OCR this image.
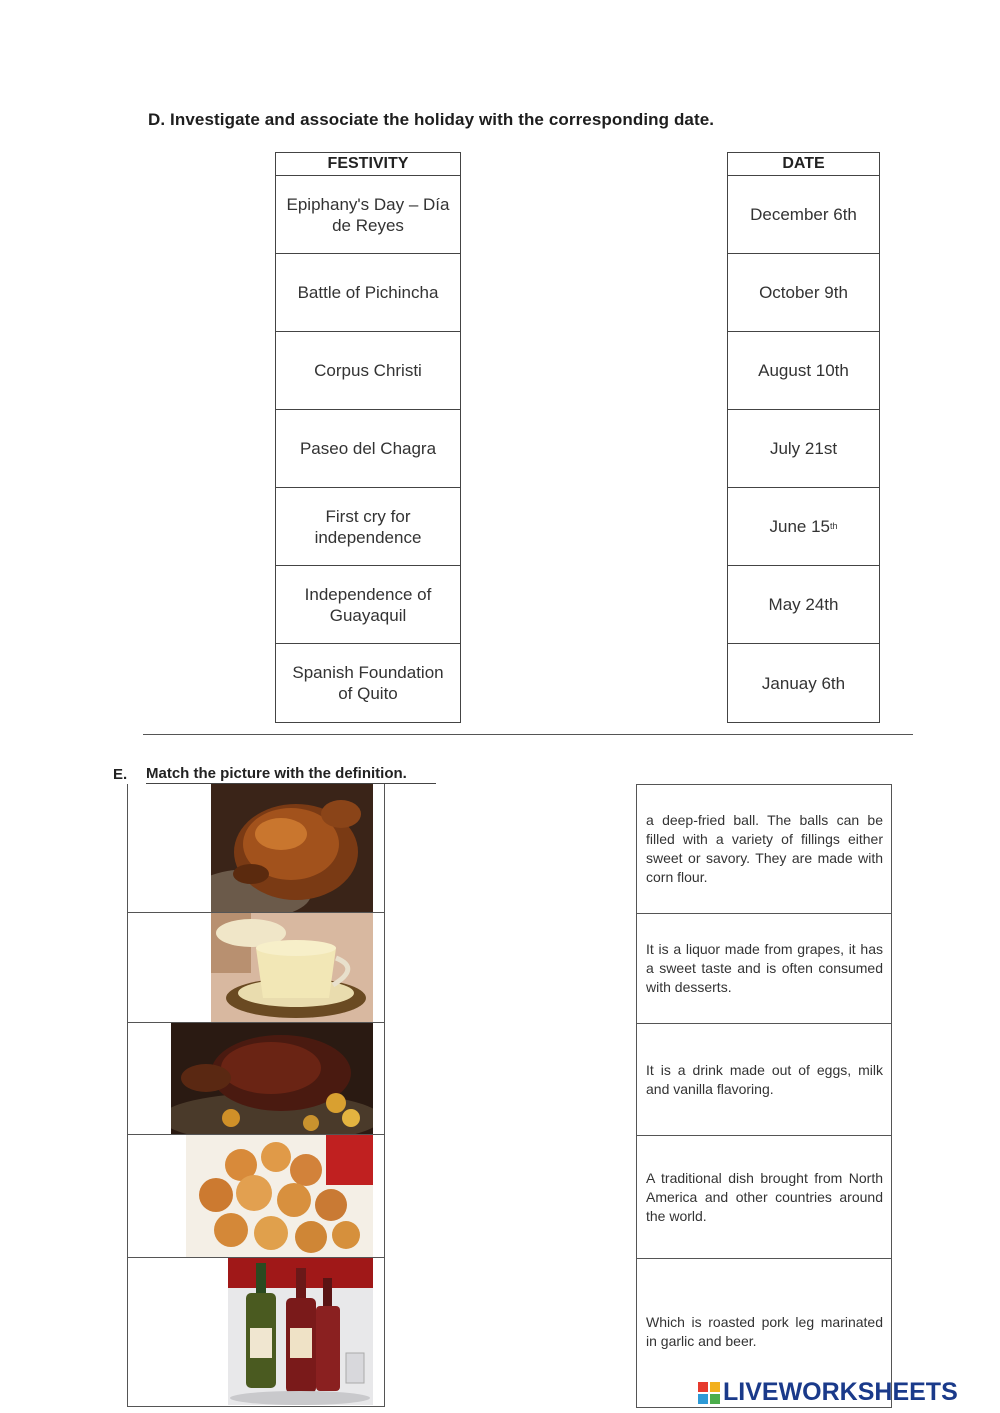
D. Investigate and associate the holiday with the corresponding date.
FESTIVITY
Epiphany's Day – Día de Reyes
Battle of Pichincha
Corpus Christi
Paseo del Chagra
First cry for independence
Independence of Guayaquil
Spanish Foundation of Quito
DATE
December 6th
October 9th
August 10th
July 21st
June 15 th
May 24th
Januay 6th
E. Match the picture with the definition.
a deep-fried ball. The balls can be filled with a variety of fillings either sweet or savory. They are made with corn flour.
It is a liquor made from grapes, it has a sweet taste and is often consumed with desserts.
It is a drink made out of eggs, milk and vanilla flavoring.
A traditional dish brought from North America and other countries around the world.
Which is roasted pork leg marinated in garlic and beer.
LIVEWORKSHEETS
